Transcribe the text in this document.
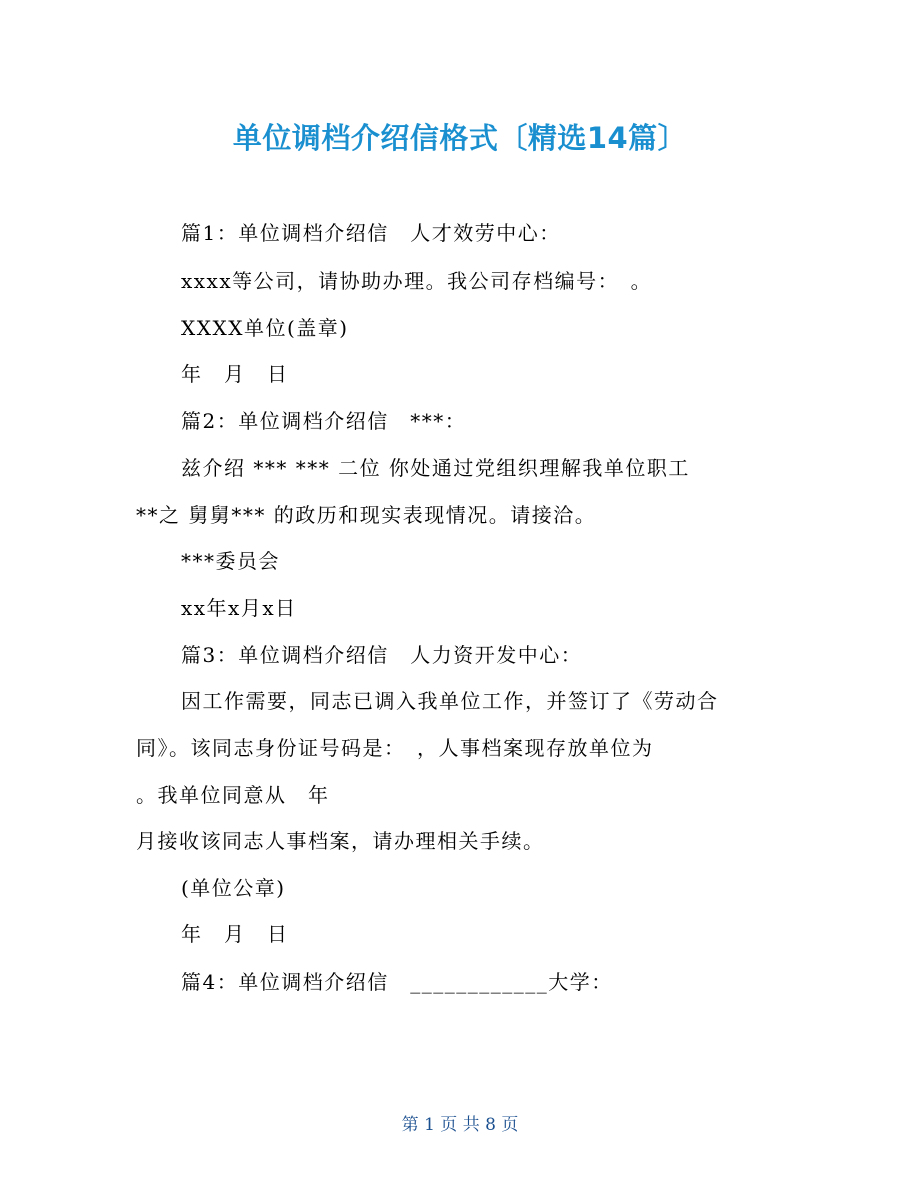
单位调档介绍信格式〔精选14篇〕
篇1：单位调档介绍信　人才效劳中心：
xxxx等公司，请协助办理。我公司存档编号：　。
XXXX单位(盖章)
年　月　日
篇2：单位调档介绍信　***：
兹介绍 *** *** 二位 你处通过党组织理解我单位职工
**之 舅舅*** 的政历和现实表现情况。请接洽。
***委员会
xx年x月x日
篇3：单位调档介绍信　人力资开发中心：
因工作需要，同志已调入我单位工作，并签订了《劳动合
同》。该同志身份证号码是：　，人事档案现存放单位为
。我单位同意从　年
月接收该同志人事档案，请办理相关手续。
(单位公章)
年　月　日
篇4：单位调档介绍信　____________大学：
第 1 页 共 8 页
